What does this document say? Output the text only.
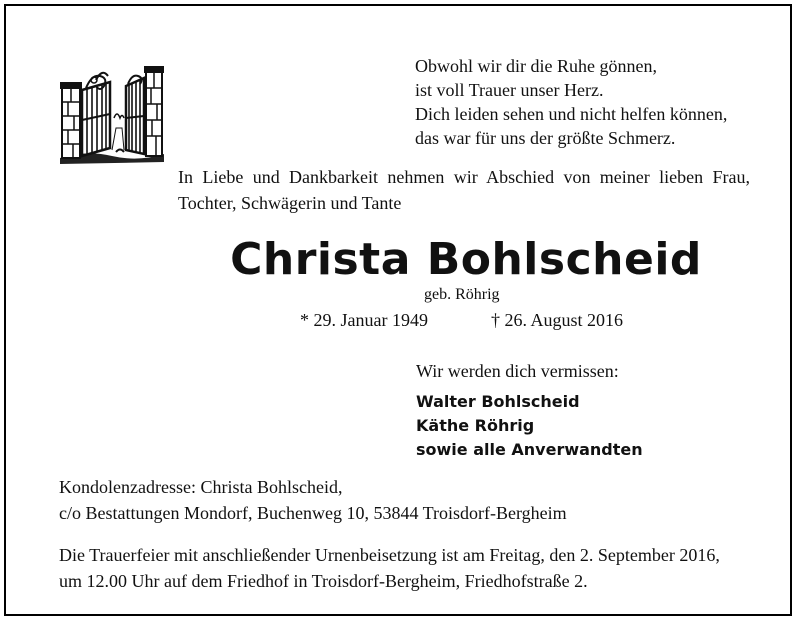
Obwohl wir dir die Ruhe gönnen,
ist voll Trauer unser Herz.
Dich leiden sehen und nicht helfen können,
das war für uns der größte Schmerz.
In Liebe und Dankbarkeit nehmen wir Abschied von meiner lieben Frau,
Tochter, Schwägerin und Tante
Christa Bohlscheid
geb. Röhrig
* 29. Januar 1949	† 26. August 2016
Wir werden dich vermissen:
Walter Bohlscheid
Käthe Röhrig
sowie alle Anverwandten
Kondolenzadresse: Christa Bohlscheid,
c/o Bestattungen Mondorf, Buchenweg 10, 53844 Troisdorf-Bergheim
Die Trauerfeier mit anschließender Urnenbeisetzung ist am Freitag, den 2. September 2016,
um 12.00 Uhr auf dem Friedhof in Troisdorf-Bergheim, Friedhofstraße 2.
